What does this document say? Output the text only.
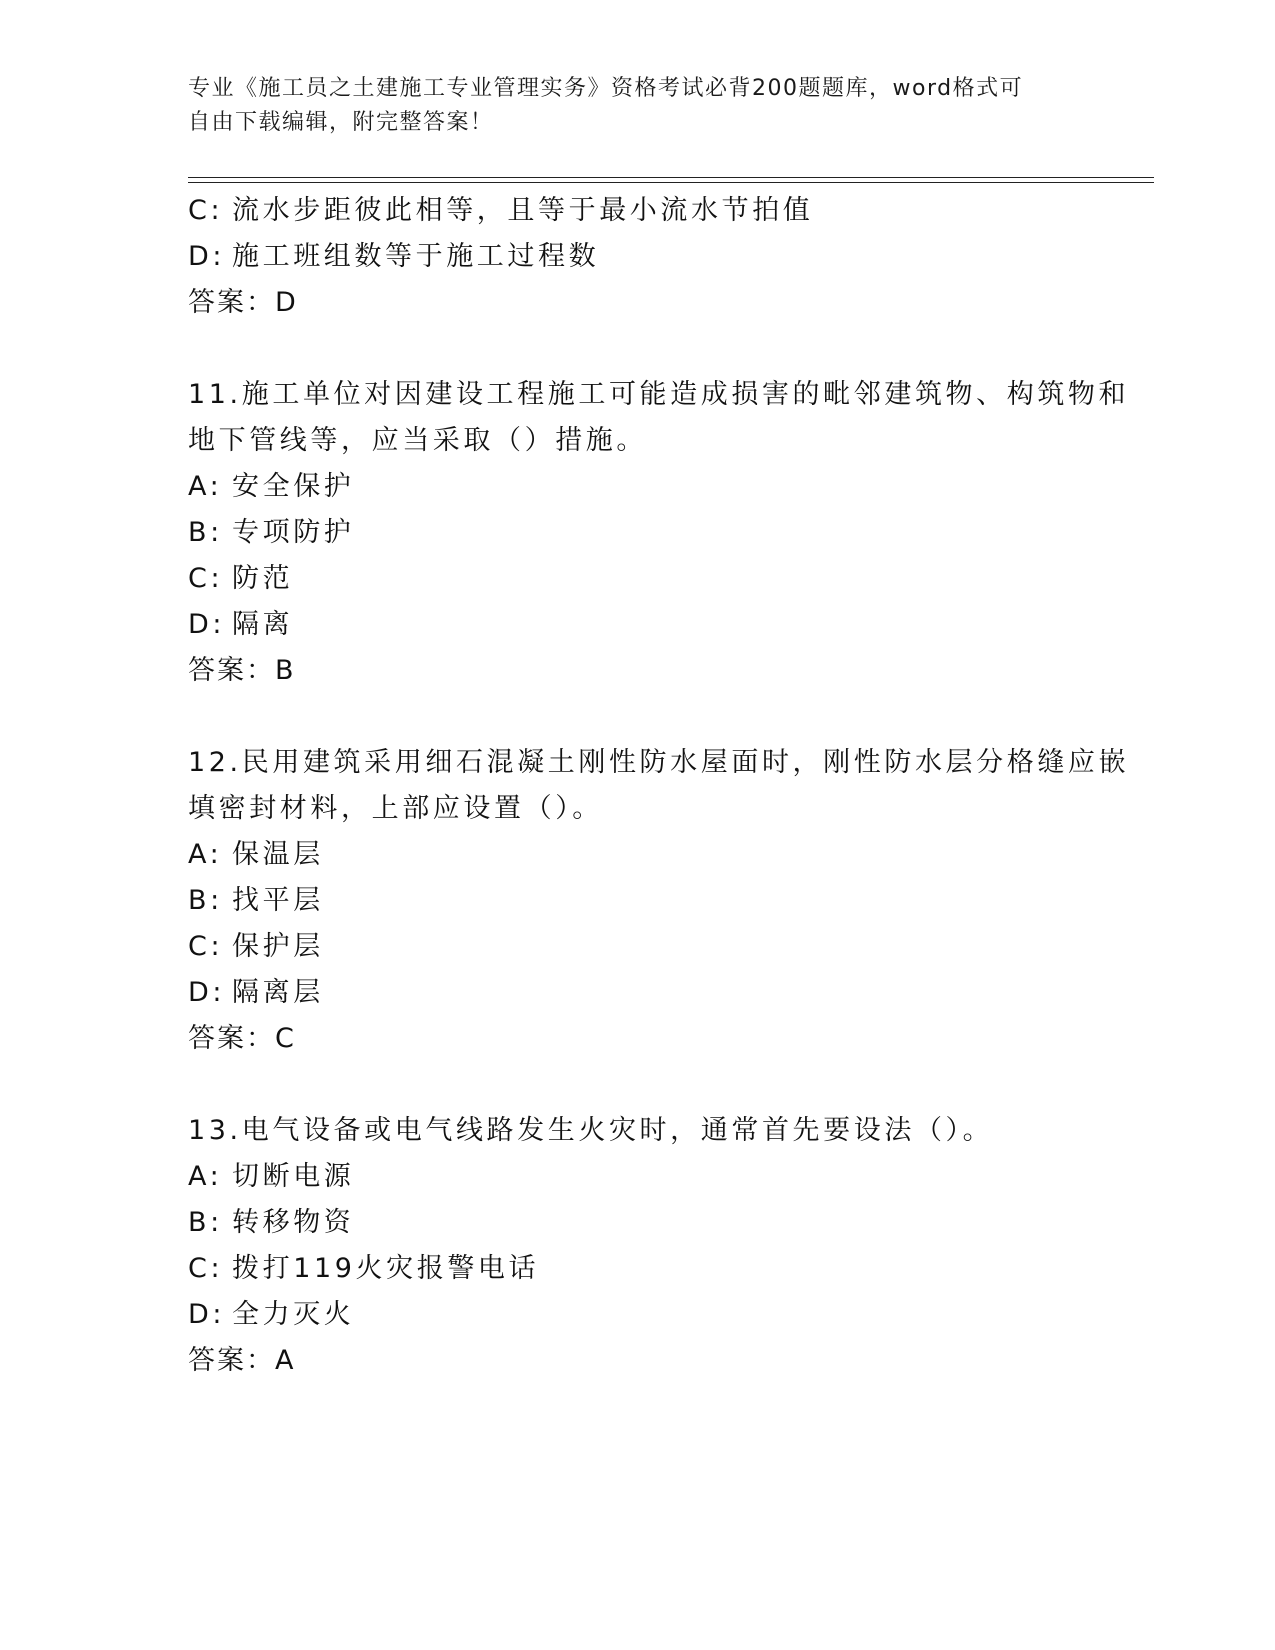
专业《施工员之土建施工专业管理实务》资格考试必背200题题库，word格式可
自由下载编辑，附完整答案！
C: 流水步距彼此相等，且等于最小流水节拍值
D: 施工班组数等于施工过程数
答案：D
11.施工单位对因建设工程施工可能造成损害的毗邻建筑物、构筑物和
地下管线等，应当采取（）措施。
A: 安全保护
B: 专项防护
C: 防范
D: 隔离
答案：B
12.民用建筑采用细石混凝土刚性防水屋面时，刚性防水层分格缝应嵌
填密封材料，上部应设置（）。
A: 保温层
B: 找平层
C: 保护层
D: 隔离层
答案：C
13.电气设备或电气线路发生火灾时，通常首先要设法（）。
A: 切断电源
B: 转移物资
C: 拨打119火灾报警电话
D: 全力灭火
答案：A
